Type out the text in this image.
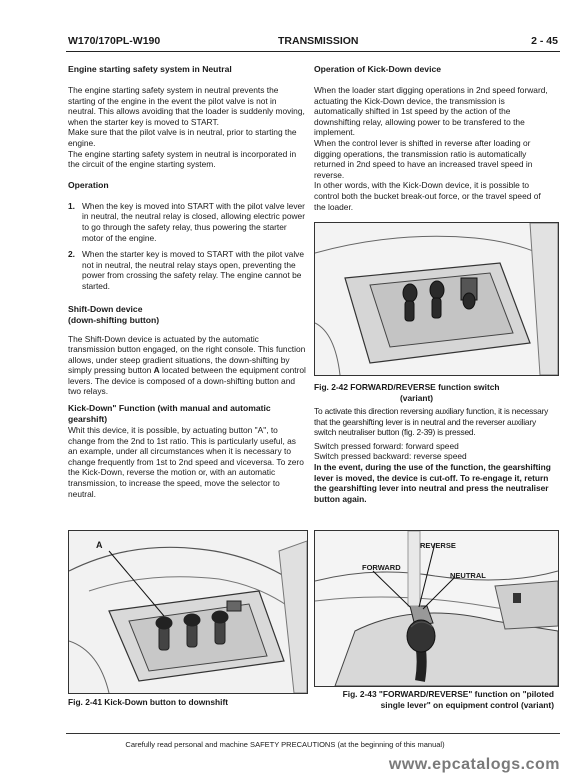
W170/170PL-W190	TRANSMISSION	2 - 45
Engine starting safety system in Neutral

The engine starting safety system in neutral prevents the starting of the engine in the event the pilot valve is not in neutral. This allows avoiding that the loader is suddenly moving, when the starter key is moved to START.

Make sure that the pilot valve is in neutral, prior to starting the engine.

The engine starting safety system in neutral is incorporated in the circuit of the engine starting system.

Operation
1. When the key is moved into START with the pilot valve lever in neutral, the neutral relay is closed, allowing electric power to go through the safety relay, thus powering the starter motor of the engine.
2. When the starter key is moved to START with the pilot valve not in neutral, the neutral relay stays open, preventing the power from crossing the safety relay. The engine cannot be started.
Shift-Down device
(down-shifting button)

The Shift-Down device is actuated by the automatic transmission button engaged, on the right console. This function allows, under steep gradient situations, the down-shifting by simply pressing button A located between the equipment control levers. The device is composed of a down-shifting button and two relays.

Kick-Down" Function (with manual and automatic gearshift)

Whit this device, it is possible, by actuating button "A", to change from the 2nd to 1st ratio. This is particularly useful, as an example, under all circumstances when it is necessary to change frequently from 1st to 2nd speed and viceversa. To zero the Kick-Down, reverse the motion or, with an automatic transmission, to increase the speed, move the selector to neutral.

A
Fig. 2-41 Kick-Down button to downshift
Operation of Kick-Down device

When the loader start digging operations in 2nd speed forward, actuating the Kick-Down device, the transmission is automatically shifted in 1st speed by the action of the downshifting relay, allowing power to be transfered to the implement.

When the control lever is shifted in reverse after loading or digging operations, the transmission ratio is automatically returned in 2nd speed to have an increased travel speed in reverse.

In other words, with the Kick-Down device, it is possible to control both the bucket break-out force, or the travel speed of the loader.

Fig. 2-42 FORWARD/REVERSE function switch
(variant)

To activate this direction reversing auxiliary function, it is necessary that the gearshifting lever is in neutral and the reverser auxiliary switch neutraliser button (fig. 2-39) is pressed.

Switch pressed forward: forward speed

Switch pressed backward: reverse speed

In the event, during the use of the function, the gearshifting lever is moved, the device is cut-off. To re-engage it, return the gearshifting lever into neutral and press the neutraliser button again.

FORWARD
REVERSE
NEUTRAL
Fig. 2-43 "FORWARD/REVERSE" function on "piloted
single lever" on equipment control (variant)
Carefully read personal and machine SAFETY PRECAUTIONS (at the beginning of this manual)
www.epcatalogs.com
